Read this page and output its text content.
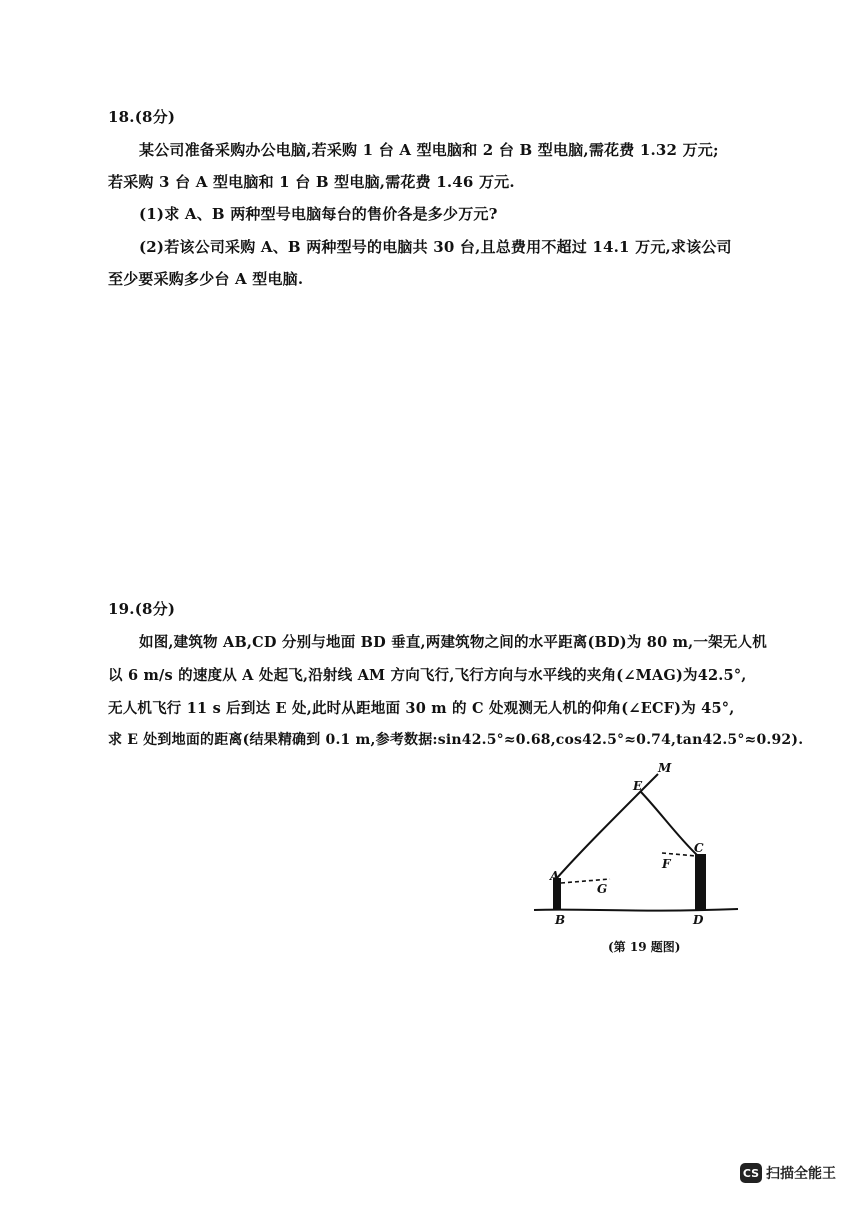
18.(8分)
某公司准备采购办公电脑,若采购 1 台 A 型电脑和 2 台 B 型电脑,需花费 1.32 万元;
若采购 3 台 A 型电脑和 1 台 B 型电脑,需花费 1.46 万元.
(1)求 A、B 两种型号电脑每台的售价各是多少万元?
(2)若该公司采购 A、B 两种型号的电脑共 30 台,且总费用不超过 14.1 万元,求该公司
至少要采购多少台 A 型电脑.
19.(8分)
如图,建筑物 AB,CD 分别与地面 BD 垂直,两建筑物之间的水平距离(BD)为 80 m,一架无人机
以 6 m/s 的速度从 A 处起飞,沿射线 AM 方向飞行,飞行方向与水平线的夹角(∠MAG)为42.5°,
无人机飞行 11 s 后到达 E 处,此时从距地面 30 m 的 C 处观测无人机的仰角(∠ECF)为 45°,
求 E 处到地面的距离(结果精确到 0.1 m,参考数据:sin42.5°≈0.68,cos42.5°≈0.74,tan42.5°≈0.92).
M
E
C
F
A
G
B	D
(第 19 题图)
CS 扫描全能王
